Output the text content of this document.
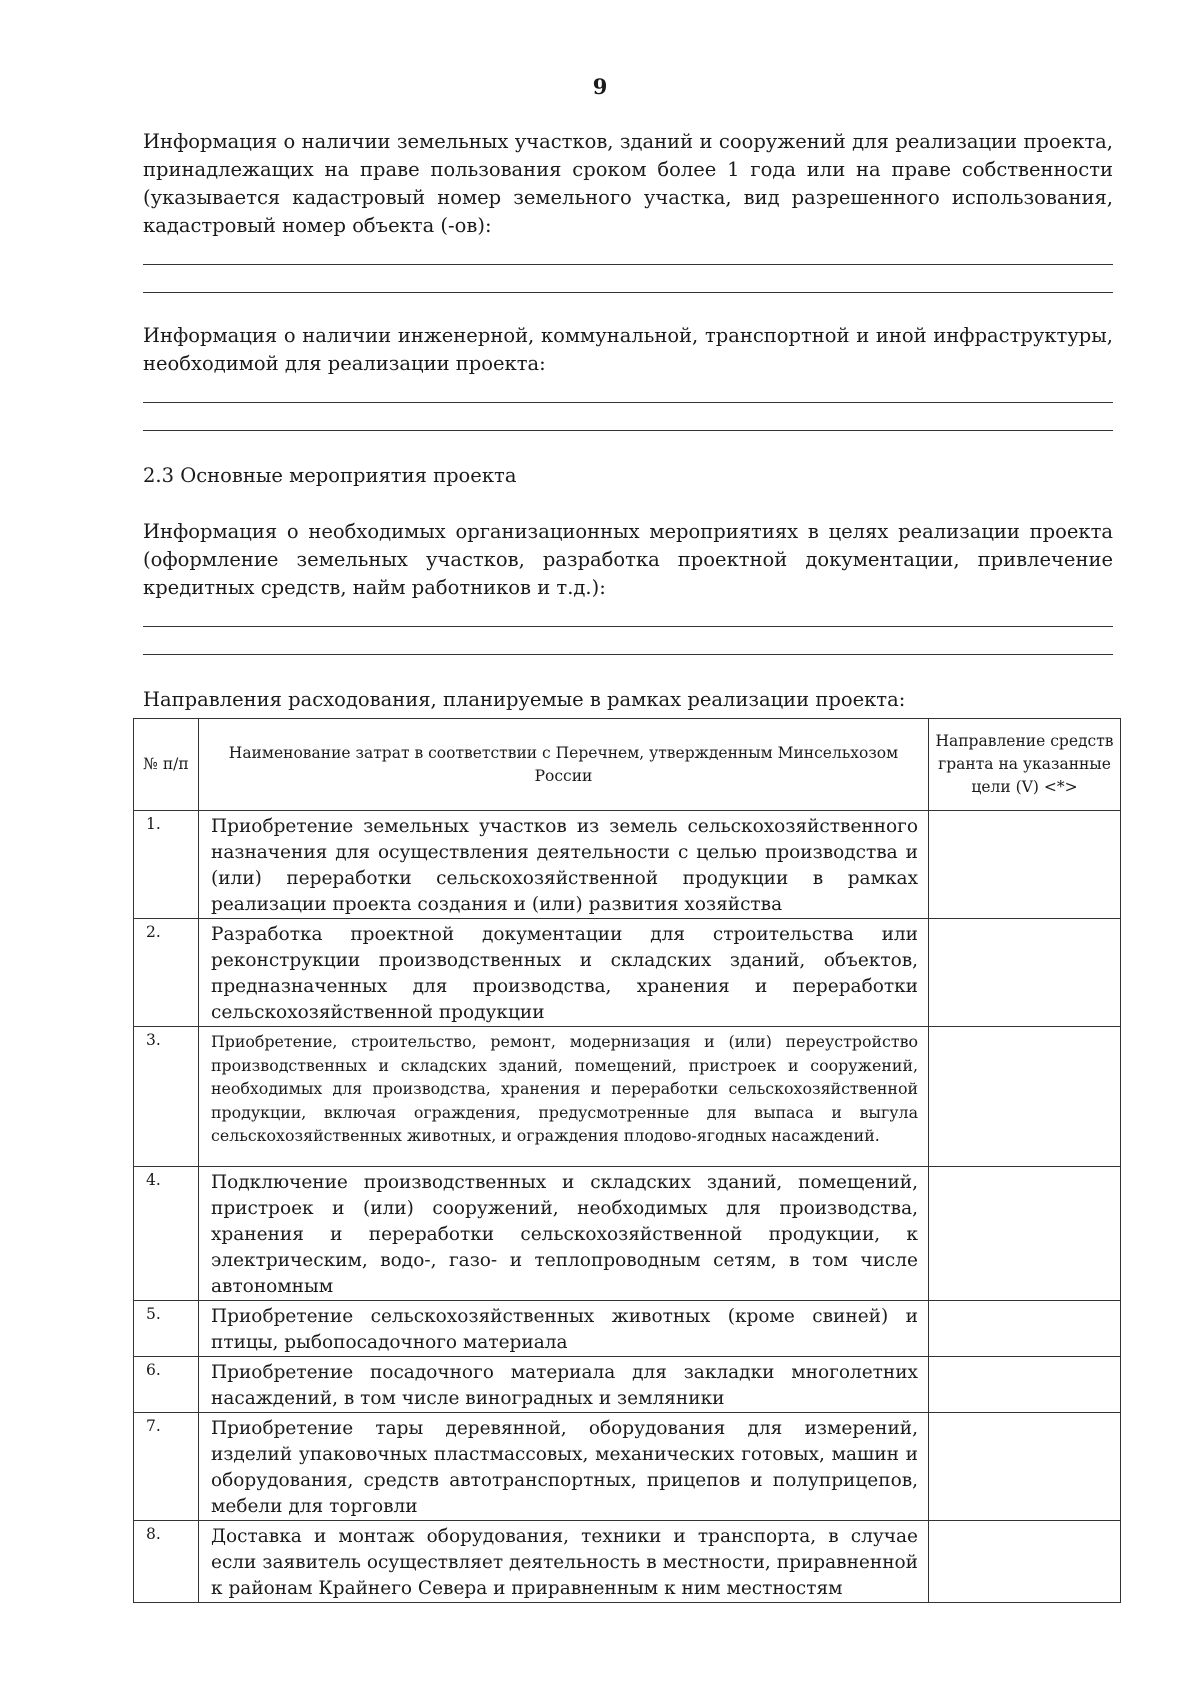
9
Информация о наличии земельных участков, зданий и сооружений для реализации проекта, принадлежащих на праве пользования сроком более 1 года или на праве собственности (указывается кадастровый номер земельного участка, вид разрешенного использования, кадастровый номер объекта (-ов):
Информация о наличии инженерной, коммунальной, транспортной и иной инфраструктуры, необходимой для реализации проекта:
2.3 Основные мероприятия проекта
Информация о необходимых организационных мероприятиях в целях реализации проекта (оформление земельных участков, разработка проектной документации, привлечение кредитных средств, найм работников и т.д.):
Направления расходования, планируемые в рамках реализации проекта:
№ п/п	Наименование затрат в соответствии с Перечнем, утвержденным Минсельхозом России	Направление средств гранта на указанные цели (V) <*>
1.	Приобретение земельных участков из земель сельскохозяйственного назначения для осуществления деятельности с целью производства и (или) переработки сельскохозяйственной продукции в рамках реализации проекта создания и (или) развития хозяйства	
2.	Разработка проектной документации для строительства или реконструкции производственных и складских зданий, объектов, предназначенных для производства, хранения и переработки сельскохозяйственной продукции	
3.	Приобретение, строительство, ремонт, модернизация и (или) переустройство производственных и складских зданий, помещений, пристроек и сооружений, необходимых для производства, хранения и переработки сельскохозяйственной продукции, включая ограждения, предусмотренные для выпаса и выгула сельскохозяйственных животных, и ограждения плодово-ягодных насаждений.	
4.	Подключение производственных и складских зданий, помещений, пристроек и (или) сооружений, необходимых для производства, хранения и переработки сельскохозяйственной продукции, к электрическим, водо-, газо- и теплопроводным сетям, в том числе автономным	
5.	Приобретение сельскохозяйственных животных (кроме свиней) и птицы, рыбопосадочного материала	
6.	Приобретение посадочного материала для закладки многолетних насаждений, в том числе виноградных и земляники	
7.	Приобретение тары деревянной, оборудования для измерений, изделий упаковочных пластмассовых, механических готовых, машин и оборудования, средств автотранспортных, прицепов и полуприцепов, мебели для торговли	
8.	Доставка и монтаж оборудования, техники и транспорта, в случае если заявитель осуществляет деятельность в местности, приравненной к районам Крайнего Севера и приравненным к ним местностям	
